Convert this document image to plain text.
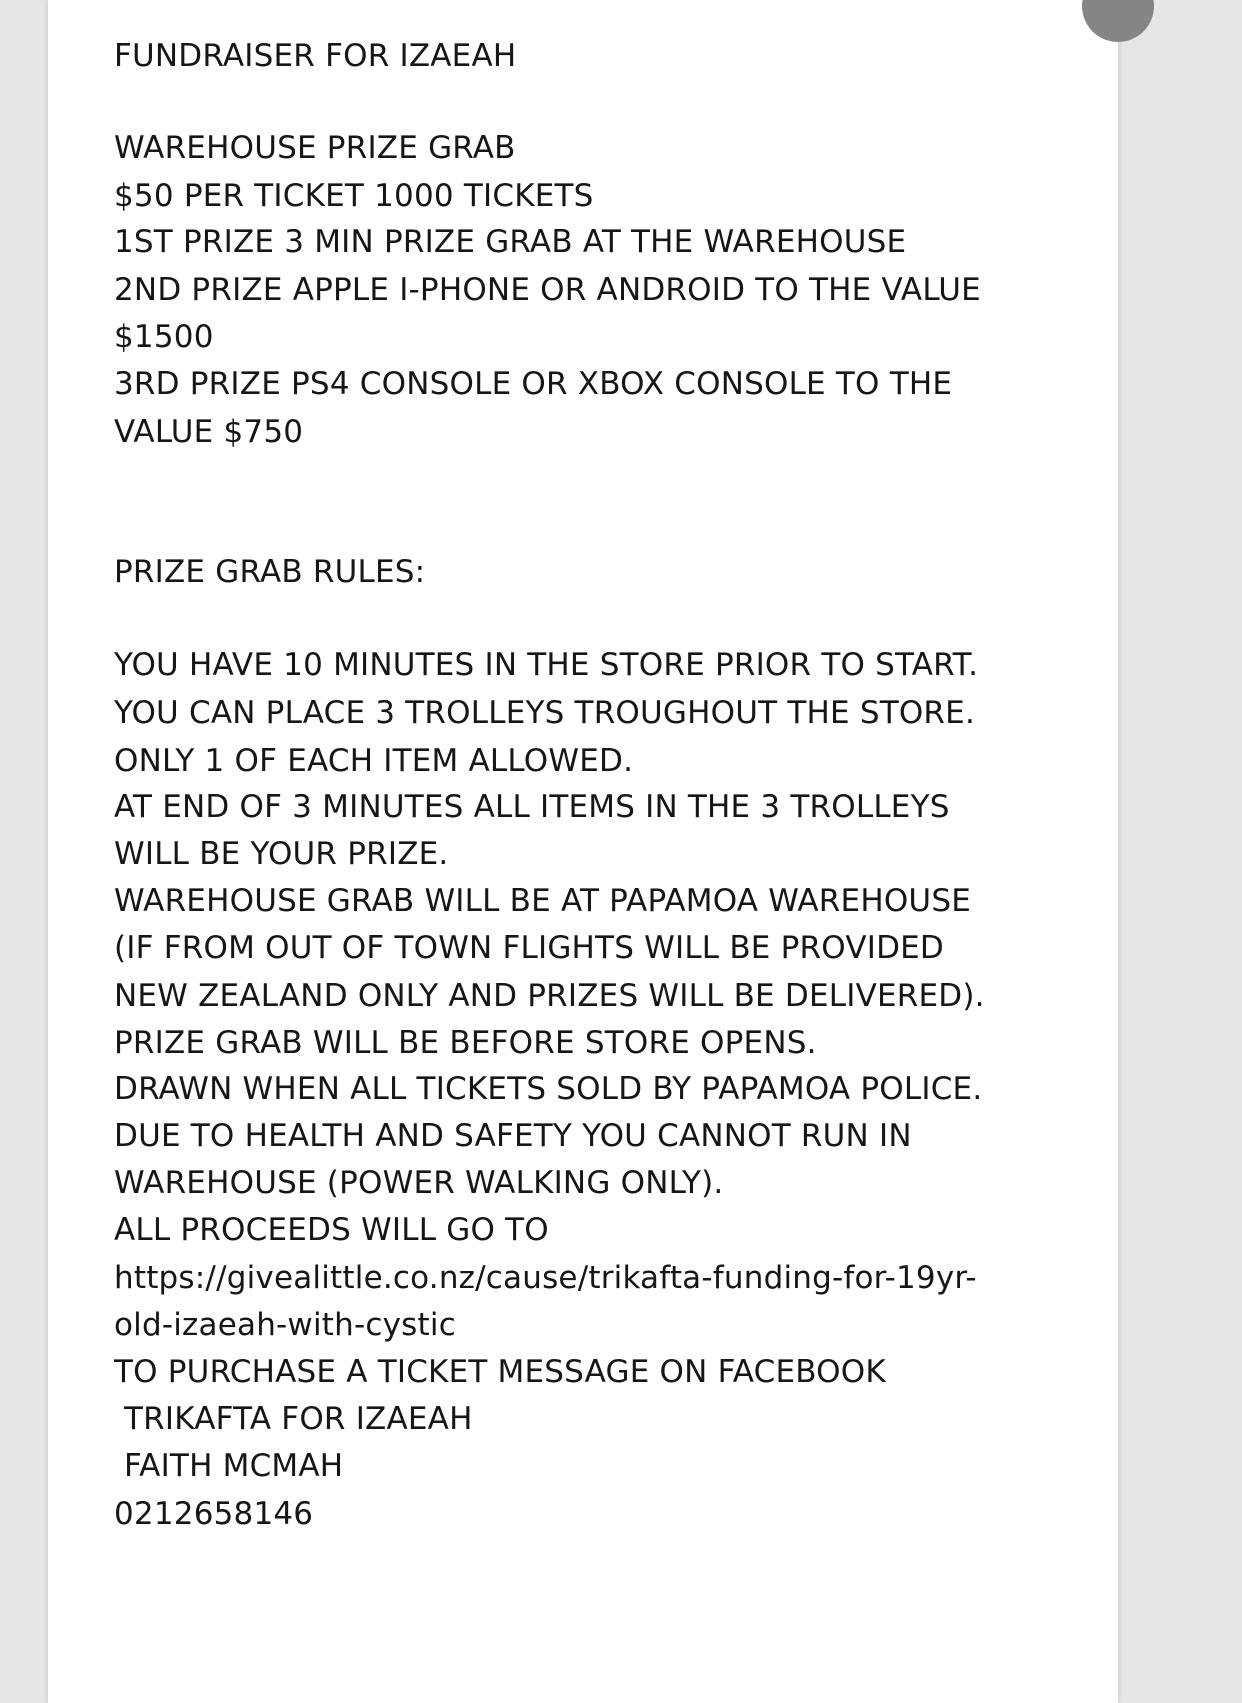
FUNDRAISER FOR IZAEAH
WAREHOUSE PRIZE GRAB
$50 PER TICKET 1000 TICKETS
1ST PRIZE 3 MIN PRIZE GRAB AT THE WAREHOUSE
2ND PRIZE APPLE I-PHONE OR ANDROID TO THE VALUE
$1500
3RD PRIZE PS4 CONSOLE OR XBOX CONSOLE TO THE
VALUE $750
PRIZE GRAB RULES:
YOU HAVE 10 MINUTES IN THE STORE PRIOR TO START.
YOU CAN PLACE 3 TROLLEYS TROUGHOUT THE STORE.
ONLY 1 OF EACH ITEM ALLOWED.
AT END OF 3 MINUTES ALL ITEMS IN THE 3 TROLLEYS
WILL BE YOUR PRIZE.
WAREHOUSE GRAB WILL BE AT PAPAMOA WAREHOUSE
(IF FROM OUT OF TOWN FLIGHTS WILL BE PROVIDED
NEW ZEALAND ONLY AND PRIZES WILL BE DELIVERED).
PRIZE GRAB WILL BE BEFORE STORE OPENS.
DRAWN WHEN ALL TICKETS SOLD BY PAPAMOA POLICE.
DUE TO HEALTH AND SAFETY YOU CANNOT RUN IN
WAREHOUSE (POWER WALKING ONLY).
ALL PROCEEDS WILL GO TO
https://givealittle.co.nz/cause/trikafta-funding-for-19yr-
old-izaeah-with-cystic
TO PURCHASE A TICKET MESSAGE ON FACEBOOK
TRIKAFTA FOR IZAEAH
FAITH MCMAH
0212658146
